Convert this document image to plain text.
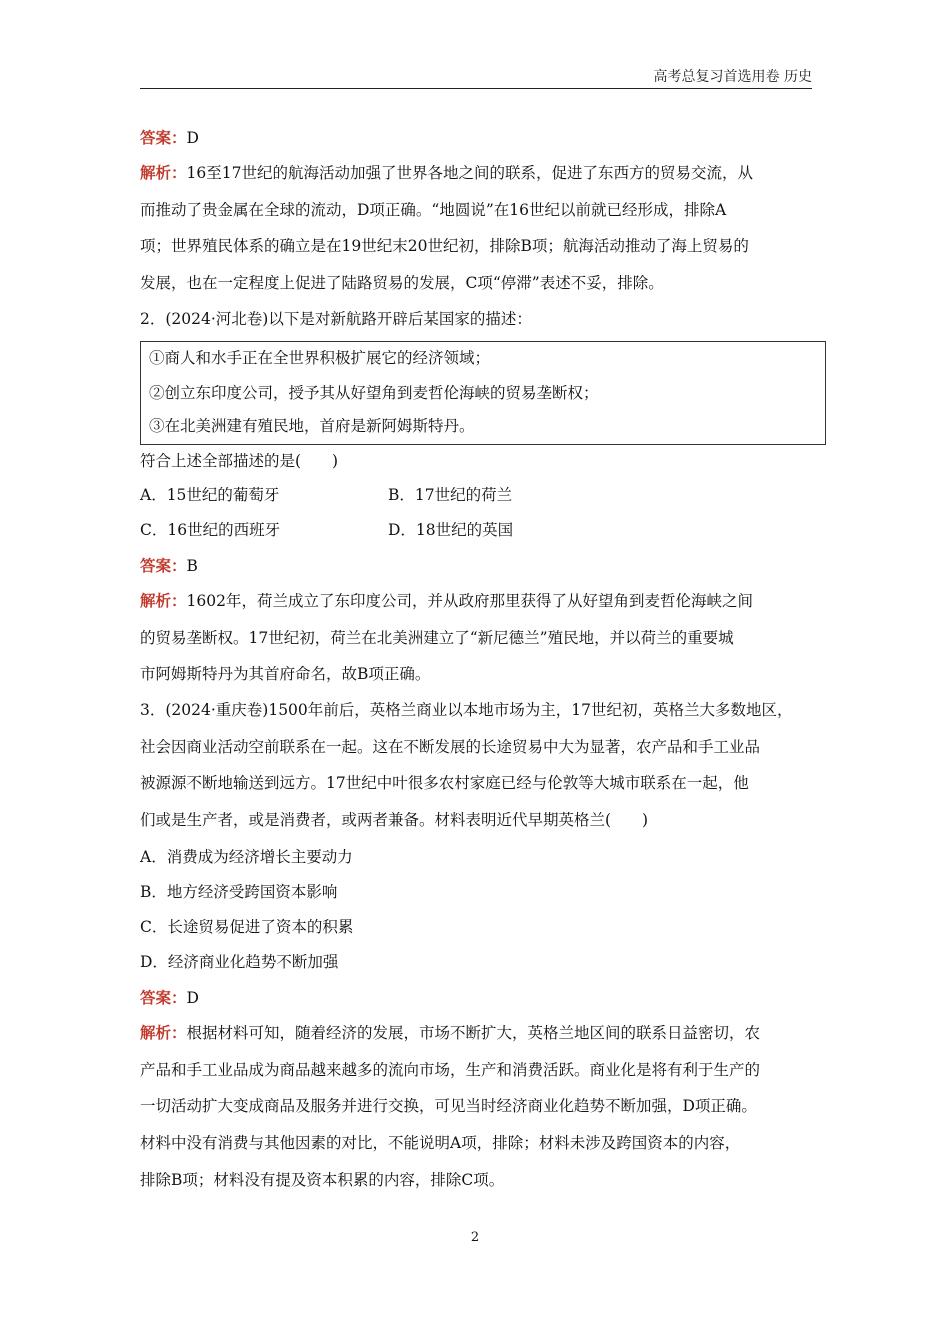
高考总复习首选用卷 历史
答案：D
解析：16至17世纪的航海活动加强了世界各地之间的联系，促进了东西方的贸易交流，从
而推动了贵金属在全球的流动，D项正确。“地圆说”在16世纪以前就已经形成，排除A
项；世界殖民体系的确立是在19世纪末20世纪初，排除B项；航海活动推动了海上贸易的
发展，也在一定程度上促进了陆路贸易的发展，C项“停滞”表述不妥，排除。
2．(2024·河北卷)以下是对新航路开辟后某国家的描述：
①商人和水手正在全世界积极扩展它的经济领域；
②创立东印度公司，授予其从好望角到麦哲伦海峡的贸易垄断权；
③在北美洲建有殖民地，首府是新阿姆斯特丹。
符合上述全部描述的是(　　)
A．15世纪的葡萄牙	B．17世纪的荷兰
C．16世纪的西班牙	D．18世纪的英国
答案：B
解析：1602年，荷兰成立了东印度公司，并从政府那里获得了从好望角到麦哲伦海峡之间
的贸易垄断权。17世纪初，荷兰在北美洲建立了“新尼德兰”殖民地，并以荷兰的重要城
市阿姆斯特丹为其首府命名，故B项正确。
3．(2024·重庆卷)1500年前后，英格兰商业以本地市场为主，17世纪初，英格兰大多数地区，
社会因商业活动空前联系在一起。这在不断发展的长途贸易中大为显著，农产品和手工业品
被源源不断地输送到远方。17世纪中叶很多农村家庭已经与伦敦等大城市联系在一起，他
们或是生产者，或是消费者，或两者兼备。材料表明近代早期英格兰(　　)
A．消费成为经济增长主要动力
B．地方经济受跨国资本影响
C．长途贸易促进了资本的积累
D．经济商业化趋势不断加强
答案：D
解析：根据材料可知，随着经济的发展，市场不断扩大，英格兰地区间的联系日益密切，农
产品和手工业品成为商品越来越多的流向市场，生产和消费活跃。商业化是将有利于生产的
一切活动扩大变成商品及服务并进行交换，可见当时经济商业化趋势不断加强，D项正确。
材料中没有消费与其他因素的对比，不能说明A项，排除；材料未涉及跨国资本的内容，
排除B项；材料没有提及资本积累的内容，排除C项。
2
